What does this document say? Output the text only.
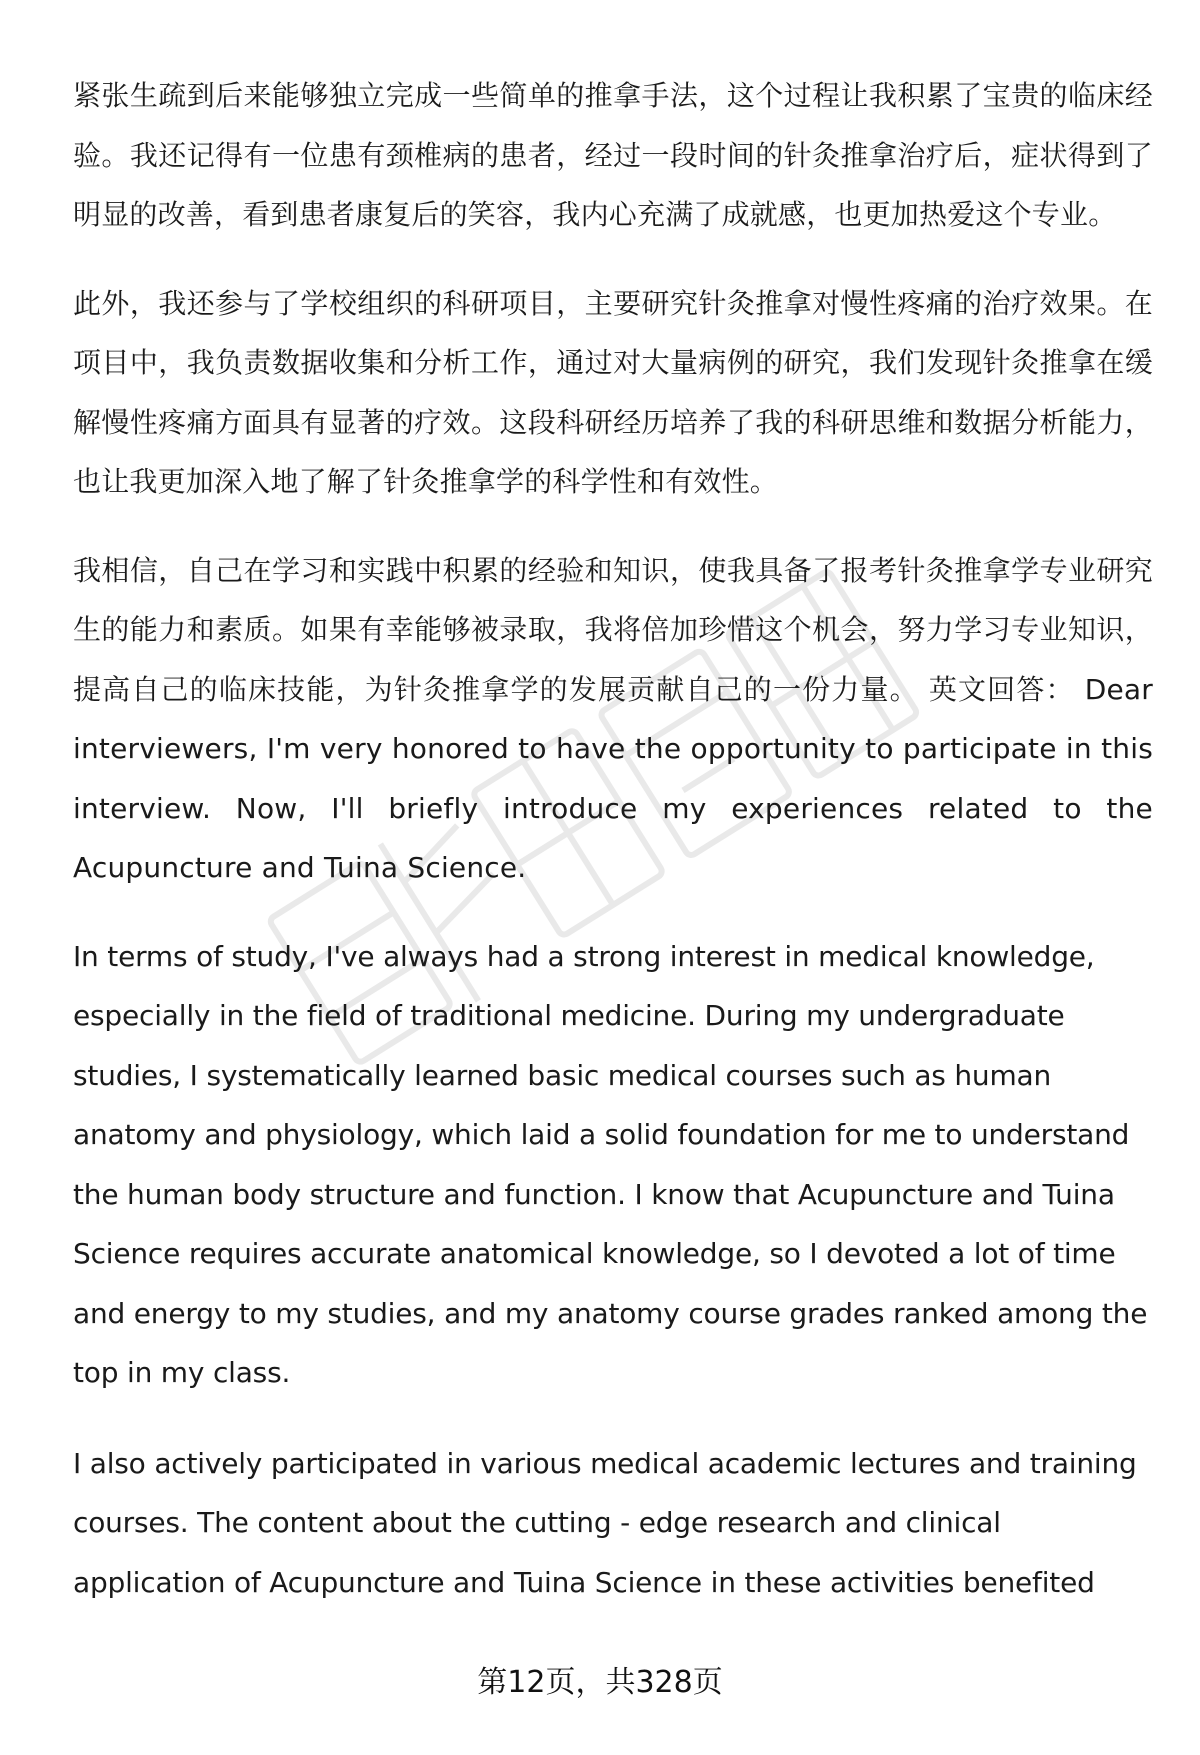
紧张生疏到后来能够独立完成一些简单的推拿手法，这个过程让我积累了宝贵的临床经验。我还记得有一位患有颈椎病的患者，经过一段时间的针灸推拿治疗后，症状得到了明显的改善，看到患者康复后的笑容，我内心充满了成就感，也更加热爱这个专业。

此外，我还参与了学校组织的科研项目，主要研究针灸推拿对慢性疼痛的治疗效果。在项目中，我负责数据收集和分析工作，通过对大量病例的研究，我们发现针灸推拿在缓解慢性疼痛方面具有显著的疗效。这段科研经历培养了我的科研思维和数据分析能力，也让我更加深入地了解了针灸推拿学的科学性和有效性。

我相信，自己在学习和实践中积累的经验和知识，使我具备了报考针灸推拿学专业研究生的能力和素质。如果有幸能够被录取，我将倍加珍惜这个机会，努力学习专业知识，提高自己的临床技能，为针灸推拿学的发展贡献自己的一份力量。 英文回答： Dear interviewers, I'm very honored to have the opportunity to participate in this interview. Now, I'll briefly introduce my experiences related to the Acupuncture and Tuina Science.

In terms of study, I've always had a strong interest in medical knowledge, especially in the field of traditional medicine. During my undergraduate studies, I systematically learned basic medical courses such as human anatomy and physiology, which laid a solid foundation for me to understand the human body structure and function. I know that Acupuncture and Tuina Science requires accurate anatomical knowledge, so I devoted a lot of time and energy to my studies, and my anatomy course grades ranked among the top in my class.

I also actively participated in various medical academic lectures and training courses. The content about the cutting - edge research and clinical application of Acupuncture and Tuina Science in these activities benefited

第12页，共328页
